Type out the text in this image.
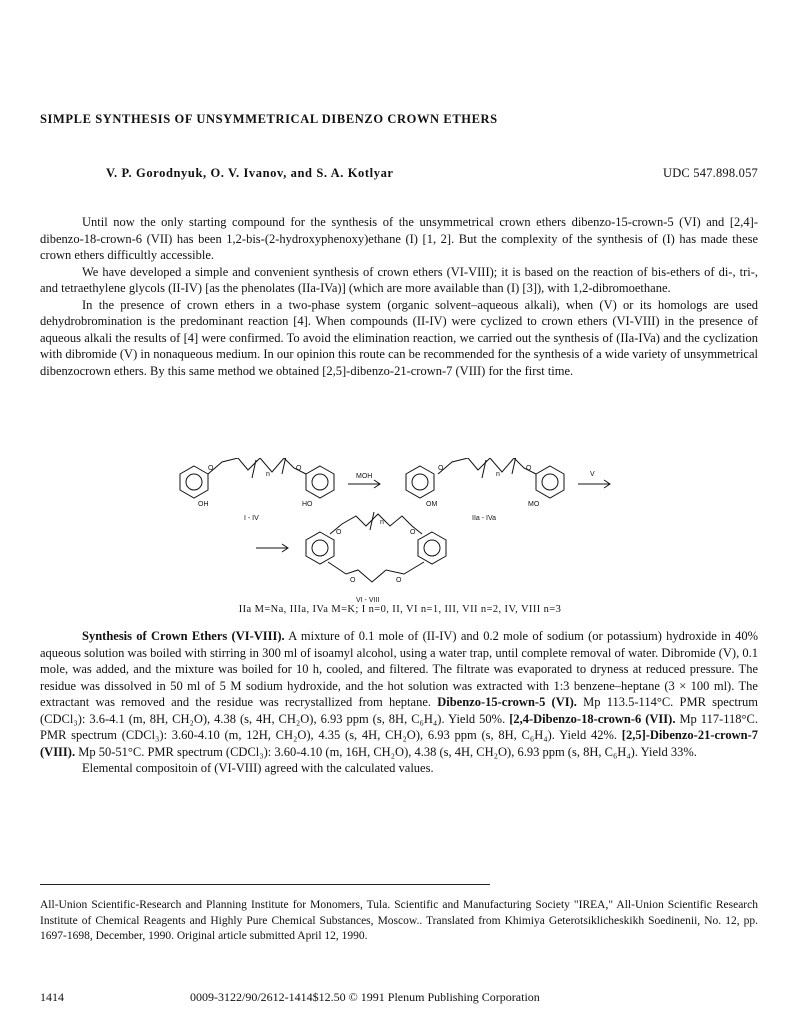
SIMPLE SYNTHESIS OF UNSYMMETRICAL DIBENZO CROWN ETHERS
V. P. Gorodnyuk, O. V. Ivanov, and S. A. Kotlyar	UDC 547.898.057

Until now the only starting compound for the synthesis of the unsymmetrical crown ethers dibenzo-15-crown-5 (VI) and [2,4]-dibenzo-18-crown-6 (VII) has been 1,2-bis-(2-hydroxyphenoxy)ethane (I) [1, 2]. But the complexity of the synthesis of (I) has made these crown ethers difficultly accessible.

We have developed a simple and convenient synthesis of crown ethers (VI-VIII); it is based on the reaction of bis-ethers of di-, tri-, and tetraethylene glycols (II-IV) [as the phenolates (IIa-IVa)] (which are more available than (I) [3]), with 1,2-dibromoethane.

In the presence of crown ethers in a two-phase system (organic solvent–aqueous alkali), when (V) or its homologs are used dehydrobromination is the predominant reaction [4]. When compounds (II-IV) were cyclized to crown ethers (VI-VIII) in the presence of aqueous alkali the results of [4] were confirmed. To avoid the elimination reaction, we carried out the synthesis of (IIa-IVa) and the cyclization with dibromide (V) in nonaqueous medium. In our opinion this route can be recommended for the synthesis of a wide variety of unsymmetrical dibenzocrown ethers. By this same method we obtained [2,5]-dibenzo-21-crown-7 (VIII) for the first time.

O	O
n
OH	HO
I - IV
MOH
O	O
n
OM	MO
IIa - IVa
V
O	O
n
O	O
VI - VIII
IIa M=Na, IIIa, IVa M=K; I n=0, II, VI n=1, III, VII n=2, IV, VIII n=3

Synthesis of Crown Ethers (VI-VIII). A mixture of 0.1 mole of (II-IV) and 0.2 mole of sodium (or potassium) hydroxide in 40% aqueous solution was boiled with stirring in 300 ml of isoamyl alcohol, using a water trap, until complete removal of water. Dibromide (V), 0.1 mole, was added, and the mixture was boiled for 10 h, cooled, and filtered. The filtrate was evaporated to dryness at reduced pressure. The residue was dissolved in 50 ml of 5 M sodium hydroxide, and the hot solution was extracted with 1:3 benzene–heptane (3 × 100 ml). The extractant was removed and the residue was recrystallized from heptane. Dibenzo-15-crown-5 (VI). Mp 113.5-114°C. PMR spectrum (CDCl₃): 3.6-4.1 (m, 8H, CH₂O), 4.38 (s, 4H, CH₂O), 6.93 ppm (s, 8H, C₆H₄). Yield 50%. [2,4-Dibenzo-18-crown-6 (VII). Mp 117-118°C. PMR spectrum (CDCl₃): 3.60-4.10 (m, 12H, CH₂O), 4.35 (s, 4H, CH₂O), 6.93 ppm (s, 8H, C₆H₄). Yield 42%. [2,5]-Dibenzo-21-crown-7 (VIII). Mp 50-51°C. PMR spectrum (CDCl₃): 3.60-4.10 (m, 16H, CH₂O), 4.38 (s, 4H, CH₂O), 6.93 ppm (s, 8H, C₆H₄). Yield 33%.

Elemental compositoin of (VI-VIII) agreed with the calculated values.

All-Union Scientific-Research and Planning Institute for Monomers, Tula. Scientific and Manufacturing Society "IREA," All-Union Scientific Research Institute of Chemical Reagents and Highly Pure Chemical Substances, Moscow.. Translated from Khimiya Geterotsiklicheskikh Soedinenii, No. 12, pp. 1697-1698, December, 1990. Original article submitted April 12, 1990.
1414	0009-3122/90/2612-1414$12.50 © 1991 Plenum Publishing Corporation
